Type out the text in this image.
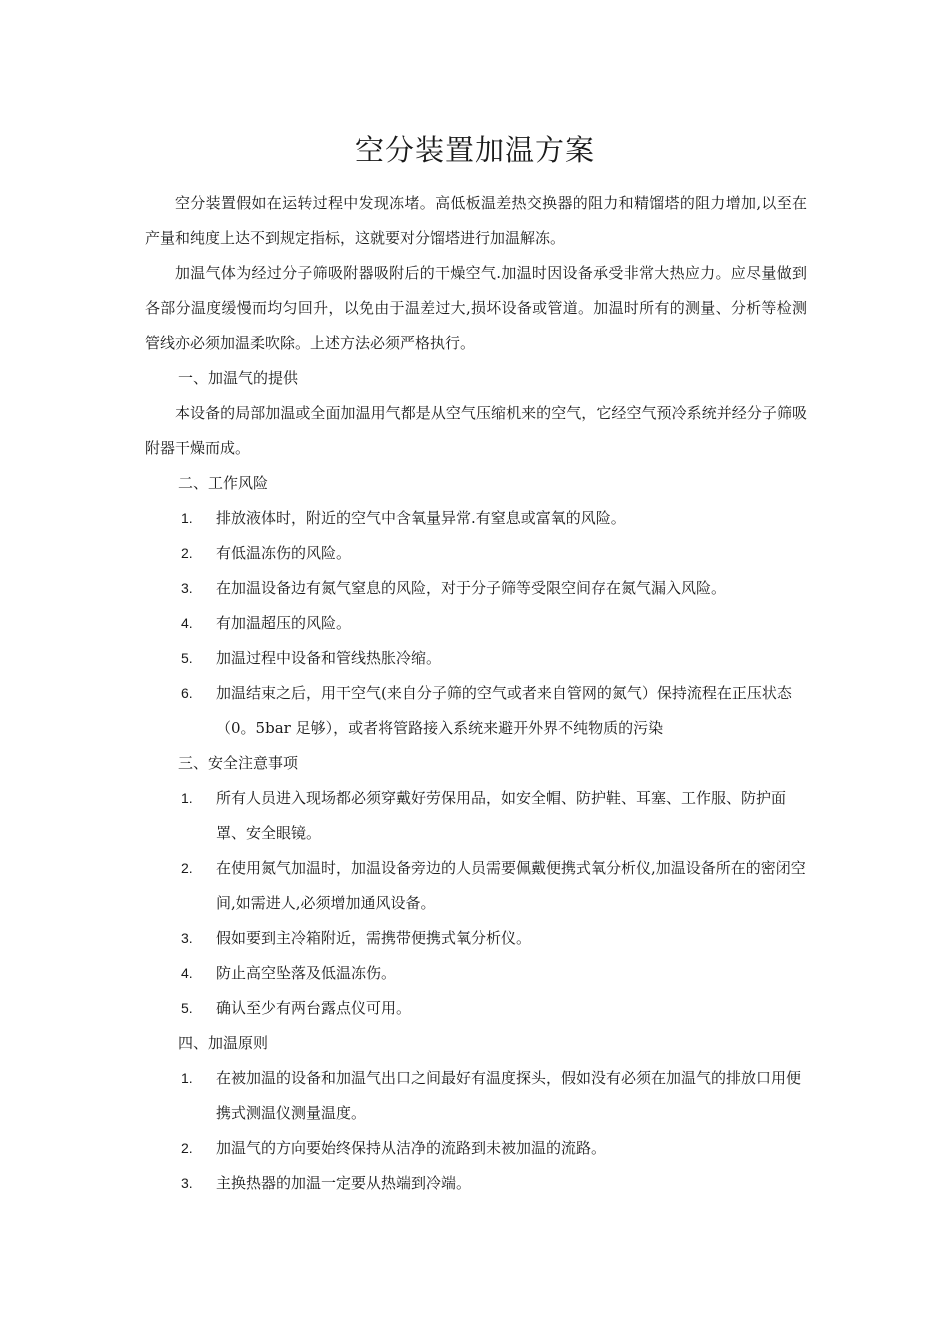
空分装置加温方案

空分装置假如在运转过程中发现冻堵。高低板温差热交换器的阻力和精馏塔的阻力增加,以至在产量和纯度上达不到规定指标，这就要对分馏塔进行加温解冻。

加温气体为经过分子筛吸附器吸附后的干燥空气.加温时因设备承受非常大热应力。应尽量做到各部分温度缓慢而均匀回升，以免由于温差过大,损坏设备或管道。加温时所有的测量、分析等检测管线亦必须加温柔吹除。上述方法必须严格执行。

一、加温气的提供

本设备的局部加温或全面加温用气都是从空气压缩机来的空气，它经空气预冷系统并经分子筛吸附器干燥而成。

二、工作风险

1. 排放液体时，附近的空气中含氧量异常.有窒息或富氧的风险。
2. 有低温冻伤的风险。
3. 在加温设备边有氮气窒息的风险，对于分子筛等受限空间存在氮气漏入风险。
4. 有加温超压的风险。
5. 加温过程中设备和管线热胀冷缩。
6. 加温结束之后，用干空气(来自分子筛的空气或者来自管网的氮气）保持流程在正压状态（0。5bar 足够），或者将管路接入系统来避开外界不纯物质的污染

三、安全注意事项

1. 所有人员进入现场都必须穿戴好劳保用品，如安全帽、防护鞋、耳塞、工作服、防护面罩、安全眼镜。
2. 在使用氮气加温时，加温设备旁边的人员需要佩戴便携式氧分析仪,加温设备所在的密闭空间,如需进人,必须增加通风设备。
3. 假如要到主冷箱附近，需携带便携式氧分析仪。
4. 防止高空坠落及低温冻伤。
5. 确认至少有两台露点仪可用。

四、加温原则

1. 在被加温的设备和加温气出口之间最好有温度探头，假如没有必须在加温气的排放口用便携式测温仪测量温度。
2. 加温气的方向要始终保持从洁净的流路到未被加温的流路。
3. 主换热器的加温一定要从热端到冷端。
